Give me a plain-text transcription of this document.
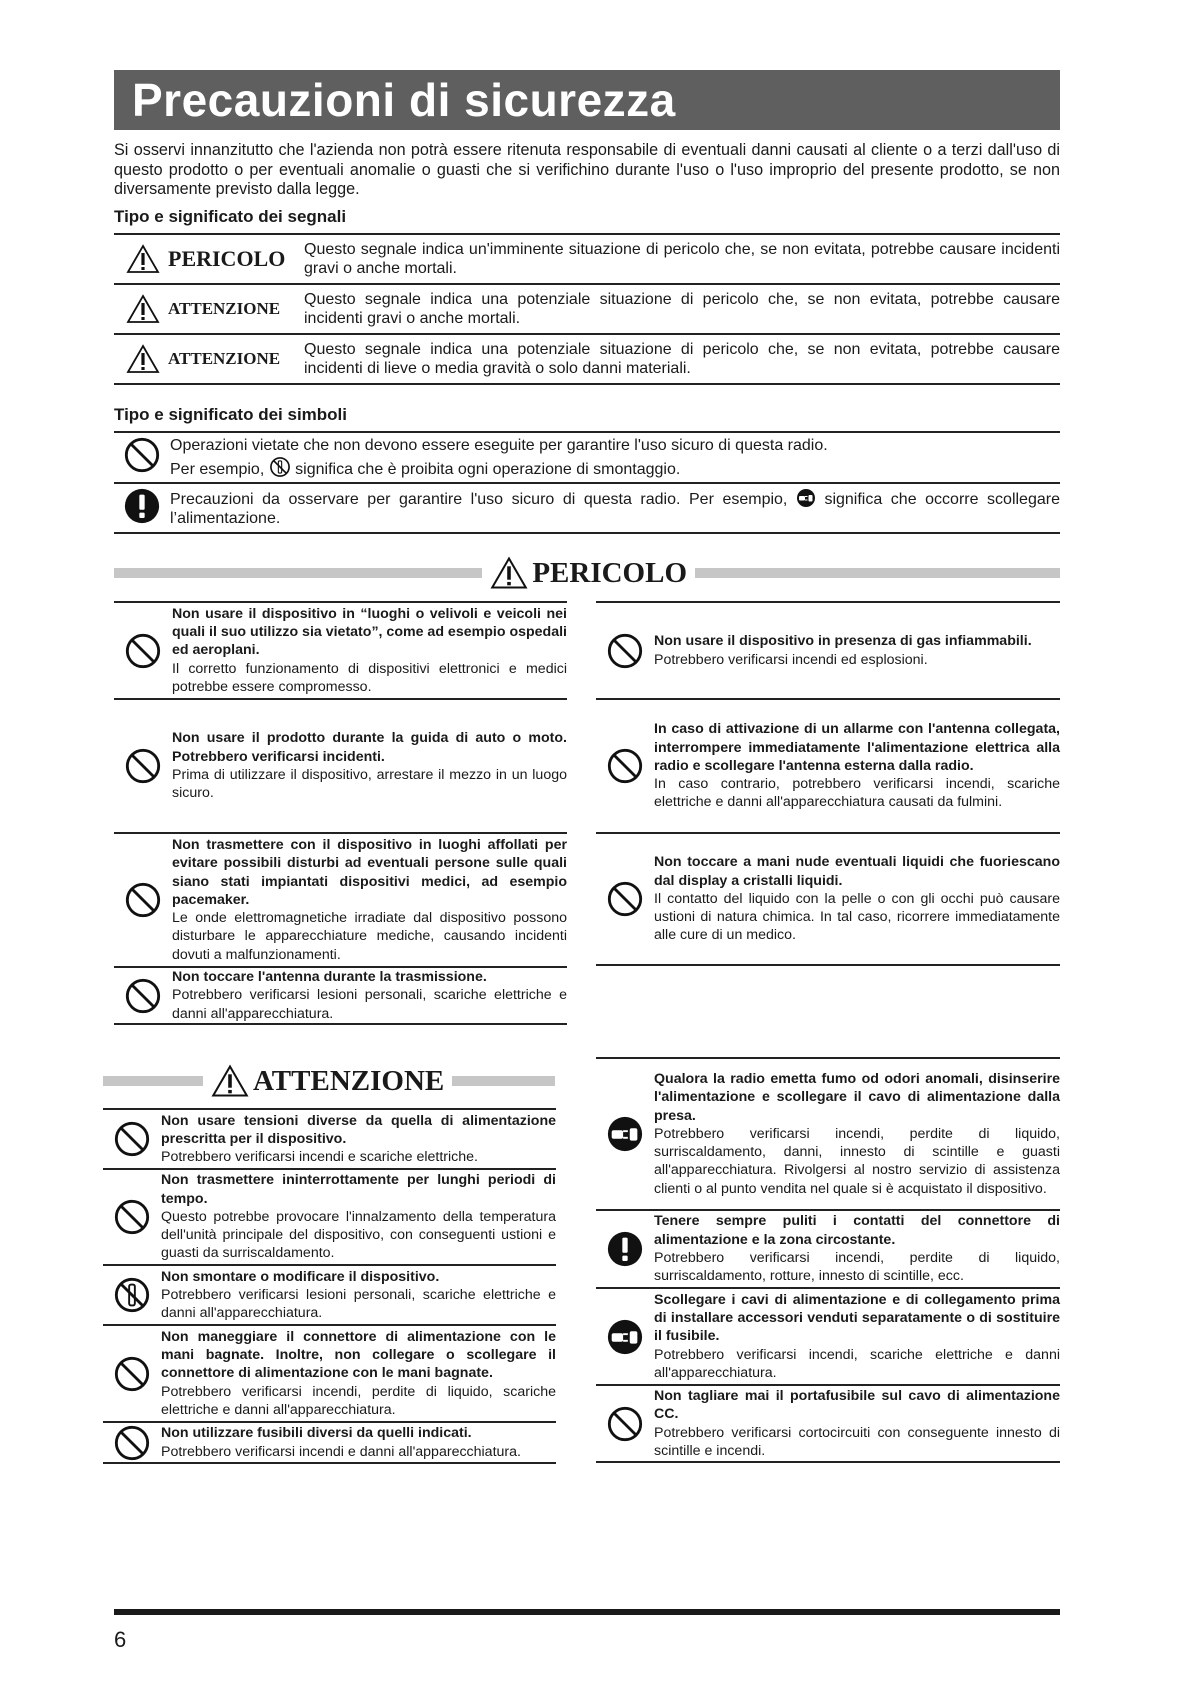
Precauzioni di sicurezza

Si osservi innanzitutto che l'azienda non potrà essere ritenuta responsabile di eventuali danni causati al cliente o a terzi dall'uso di questo prodotto o per eventuali anomalie o guasti che si verifichino durante l'uso o l'uso improprio del presente prodotto, se non diversamente previsto dalla legge.

Tipo e significato dei segnali
PERICOLO	Questo segnale indica un'imminente situazione di pericolo che, se non evitata, potrebbe causare incidenti gravi o anche mortali.
ATTENZIONE	Questo segnale indica una potenziale situazione di pericolo che, se non evitata, potrebbe causare incidenti gravi o anche mortali.
ATTENZIONE	Questo segnale indica una potenziale situazione di pericolo che, se non evitata, potrebbe causare incidenti di lieve o media gravità o solo danni materiali.
Tipo e significato dei simboli
	Operazioni vietate che non devono essere eseguite per garantire l'uso sicuro di questa radio.
Per esempio, significa che è proibita ogni operazione di smontaggio.
	Precauzioni da osservare per garantire l'uso sicuro di questa radio. Per esempio, significa che occorre scollegare l’alimentazione.
PERICOLO
Non usare il dispositivo in “luoghi o velivoli e veicoli nei quali il suo utilizzo sia vietato”, come ad esempio ospedali ed aeroplani.
Il corretto funzionamento di dispositivi elettronici e medici potrebbe essere compromesso.
Non usare il prodotto durante la guida di auto o moto. Potrebbero verificarsi incidenti.
Prima di utilizzare il dispositivo, arrestare il mezzo in un luogo sicuro.
Non trasmettere con il dispositivo in luoghi affollati per evitare possibili disturbi ad eventuali persone sulle quali siano stati impiantati dispositivi medici, ad esempio pacemaker.
Le onde elettromagnetiche irradiate dal dispositivo possono disturbare le apparecchiature mediche, causando incidenti dovuti a malfunzionamenti.
Non toccare l'antenna durante la trasmissione.
Potrebbero verificarsi lesioni personali, scariche elettriche e danni all'apparecchiatura.
Non usare il dispositivo in presenza di gas infiammabili.
Potrebbero verificarsi incendi ed esplosioni.
In caso di attivazione di un allarme con l'antenna collegata, interrompere immediatamente l'alimentazione elettrica alla radio e scollegare l'antenna esterna dalla radio.
In caso contrario, potrebbero verificarsi incendi, scariche elettriche e danni all'apparecchiatura causati da fulmini.
Non toccare a mani nude eventuali liquidi che fuoriescano dal display a cristalli liquidi.
Il contatto del liquido con la pelle o con gli occhi può causare ustioni di natura chimica. In tal caso, ricorrere immediatamente alle cure di un medico.
ATTENZIONE
Non usare tensioni diverse da quella di alimentazione prescritta per il dispositivo.
Potrebbero verificarsi incendi e scariche elettriche.
Non trasmettere ininterrottamente per lunghi periodi di tempo.
Questo potrebbe provocare l'innalzamento della temperatura dell'unità principale del dispositivo, con conseguenti ustioni e guasti da surriscaldamento.
Non smontare o modificare il dispositivo.
Potrebbero verificarsi lesioni personali, scariche elettriche e danni all'apparecchiatura.
Non maneggiare il connettore di alimentazione con le mani bagnate. Inoltre, non collegare o scollegare il connettore di alimentazione con le mani bagnate.
Potrebbero verificarsi incendi, perdite di liquido, scariche elettriche e danni all'apparecchiatura.
Non utilizzare fusibili diversi da quelli indicati.
Potrebbero verificarsi incendi e danni all'apparecchiatura.
Qualora la radio emetta fumo od odori anomali, disinserire l'alimentazione e scollegare il cavo di alimentazione dalla presa.
Potrebbero verificarsi incendi, perdite di liquido, surriscaldamento, danni, innesto di scintille e guasti all'apparecchiatura. Rivolgersi al nostro servizio di assistenza clienti o al punto vendita nel quale si è acquistato il dispositivo.
Tenere sempre puliti i contatti del connettore di alimentazione e la zona circostante.
Potrebbero verificarsi incendi, perdite di liquido, surriscaldamento, rotture, innesto di scintille, ecc.
Scollegare i cavi di alimentazione e di collegamento prima di installare accessori venduti separatamente o di sostituire il fusibile.
Potrebbero verificarsi incendi, scariche elettriche e danni all'apparecchiatura.
Non tagliare mai il portafusibile sul cavo di alimentazione CC.
Potrebbero verificarsi cortocircuiti con conseguente innesto di scintille e incendi.
6
